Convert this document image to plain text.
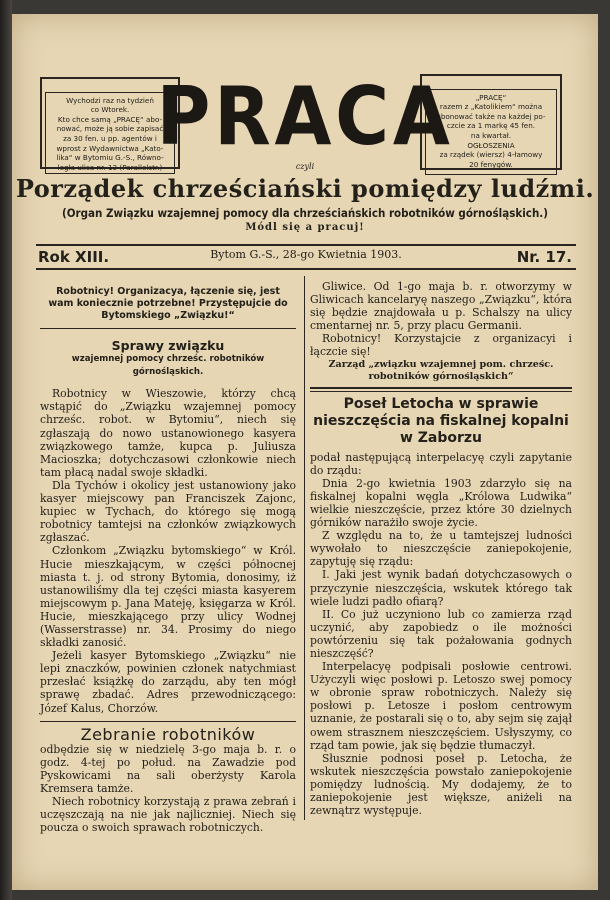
Wychodzi raz na tydzień
co Wtorek.
Kto chce samą „PRACĘ“ abo-
nować, może ją sobie zapisać
za 30 fen. u pp. agentów i
wprost z Wydawnictwa „Kato-
lika“ w Bytomiu G.-S., Równo-
legła ulica nr. 13 (Parallelstr.)

„PRACĘ“
razem z „Katolikiem“ można
abonować także na każdej po-
czcie za 1 markę 45 fen.
na kwartał.
OGŁOSZENIA
za rządek (wiersz) 4-łamowy
20 fenygów.

PRACA
czyli
Porządek chrześciański pomiędzy ludźmi.
(Organ Związku wzajemnej pomocy dla chrześciańskich robotników górnośląskich.)
Módl się a pracuj!
Bytom G.-S., 28-go Kwietnia 1903.
Rok XIII.	Nr. 17.

Robotnicy! Organizacya, łączenie się, jest wam koniecznie potrzebne! Przystępujcie do Bytomskiego „Związku!“

Sprawy związku
wzajemnej pomocy chrześc. robotników górnośląskich.

Robotnicy w Wieszowie, którzy chcą wstąpić do „Związku wzajemnej pomocy chrześc. robot. w Bytomiu“, niech się zgłaszają do nowo ustanowionego kasyera związkowego tamże, kupca p. Juliusza Macioszka; dotychczasowi członkowie niech tam płacą nadal swoje składki.

Dla Tychów i okolicy jest ustanowiony jako kasyer miejscowy pan Franciszek Zajonc, kupiec w Tychach, do którego się mogą robotnicy tamtejsi na członków związkowych zgłaszać.

Członkom „Związku bytomskiego“ w Król. Hucie mieszkającym, w części północnej miasta t. j. od strony Bytomia, donosimy, iż ustanowiliśmy dla tej części miasta kasyerem miejscowym p. Jana Mateję, księgarza w Król. Hucie, mieszkającego przy ulicy Wodnej (Wasserstrasse) nr. 34. Prosimy do niego składki zanosić.

Jeżeli kasyer Bytomskiego „Związku“ nie lepi znaczków, powinien członek natychmiast przesłać książkę do zarządu, aby ten mógł sprawę zbadać. Adres przewodniczącego: Józef Kalus, Chorzów.

Zebranie robotników

odbędzie się w niedzielę 3-go maja b. r. o godz. 4-tej po połud. na Zawadzie pod Pyskowicami na sali oberżysty Karola Kremsera tamże.

Niech robotnicy korzystają z prawa zebrań i uczęszczają na nie jak najliczniej. Niech się poucza o swoich sprawach robotniczych.

Gliwice. Od 1-go maja b. r. otworzymy w Gliwicach kancelaryę naszego „Związku“, która się będzie znajdowała u p. Schalszy na ulicy cmentarnej nr. 5, przy placu Germanii.

Robotnicy! Korzystajcie z organizacyi i łączcie się!

Zarząd „związku wzajemnej pom. chrześc. robotników górnośląskich“

Poseł Letocha w sprawie nieszczęścia na fiskalnej kopalni w Zaborzu

podał następującą interpelacyę czyli zapytanie do rządu:

Dnia 2-go kwietnia 1903 zdarzyło się na fiskalnej kopalni węgla „Królowa Ludwika“ wielkie nieszczęście, przez które 30 dzielnych górników narażiło swoje życie.

Z względu na to, że u tamtejszej ludności wywołało to nieszczęście zaniepokojenie, zapytuję się rządu:

I. Jaki jest wynik badań dotychczasowych o przyczynie nieszczęścia, wskutek którego tak wiele ludzi padło ofiarą?

II. Co już uczyniono lub co zamierza rząd uczynić, aby zapobiedz o ile możności powtórzeniu się tak pożałowania godnych nieszczęść?

Interpelacyę podpisali posłowie centrowi. Użyczyli więc posłowi p. Letoszo swej pomocy w obronie spraw robotniczych. Należy się posłowi p. Letosze i posłom centrowym uznanie, że postarali się o to, aby sejm się zajął owem strasznem nieszczęściem. Usłyszymy, co rząd tam powie, jak się będzie tłumaczył.

Słusznie podnosi poseł p. Letocha, że wskutek nieszczęścia powstało zaniepokojenie pomiędzy ludnością. My dodajemy, że to zaniepokojenie jest większe, aniżeli na zewnątrz występuje.
